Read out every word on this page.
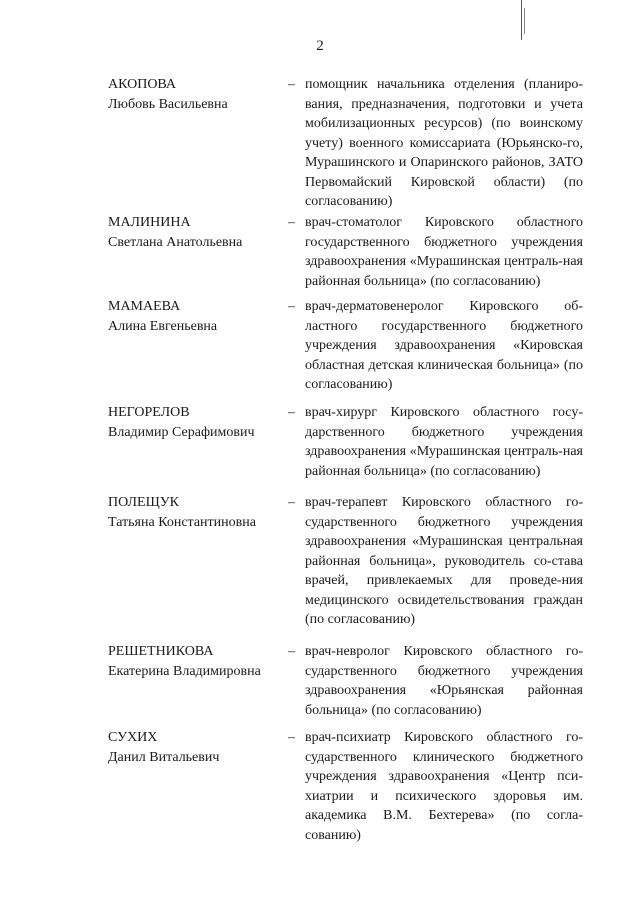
2
АКОПОВА
Любовь Васильевна
– помощник начальника отделения (планиро-вания, предназначения, подготовки и учета мобилизационных ресурсов) (по воинскому учету) военного комиссариата (Юрьянско-го, Мурашинского и Опаринского районов, ЗАТО Первомайский Кировской области) (по согласованию)
МАЛИНИНА
Светлана Анатольевна
– врач-стоматолог Кировского областного государственного бюджетного учреждения здравоохранения «Мурашинская централь-ная районная больница» (по согласованию)
МАМАЕВА
Алина Евгеньевна
– врач-дерматовенеролог Кировского об-ластного государственного бюджетного учреждения здравоохранения «Кировская областная детская клиническая больница» (по согласованию)
НЕГОРЕЛОВ
Владимир Серафимович
– врач-хирург Кировского областного госу-дарственного бюджетного учреждения здравоохранения «Мурашинская централь-ная районная больница» (по согласованию)
ПОЛЕЩУК
Татьяна Константиновна
– врач-терапевт Кировского областного го-сударственного бюджетного учреждения здравоохранения «Мурашинская центральная районная больница», руководитель со-става врачей, привлекаемых для проведе-ния медицинского освидетельствования граждан (по согласованию)
РЕШЕТНИКОВА
Екатерина Владимировна
– врач-невролог Кировского областного го-сударственного бюджетного учреждения здравоохранения «Юрьянская районная больница» (по согласованию)
СУХИХ
Данил Витальевич
– врач-психиатр Кировского областного го-сударственного клинического бюджетного учреждения здравоохранения «Центр пси-хиатрии и психического здоровья им. академика В.М. Бехтерева» (по согла-сованию)
